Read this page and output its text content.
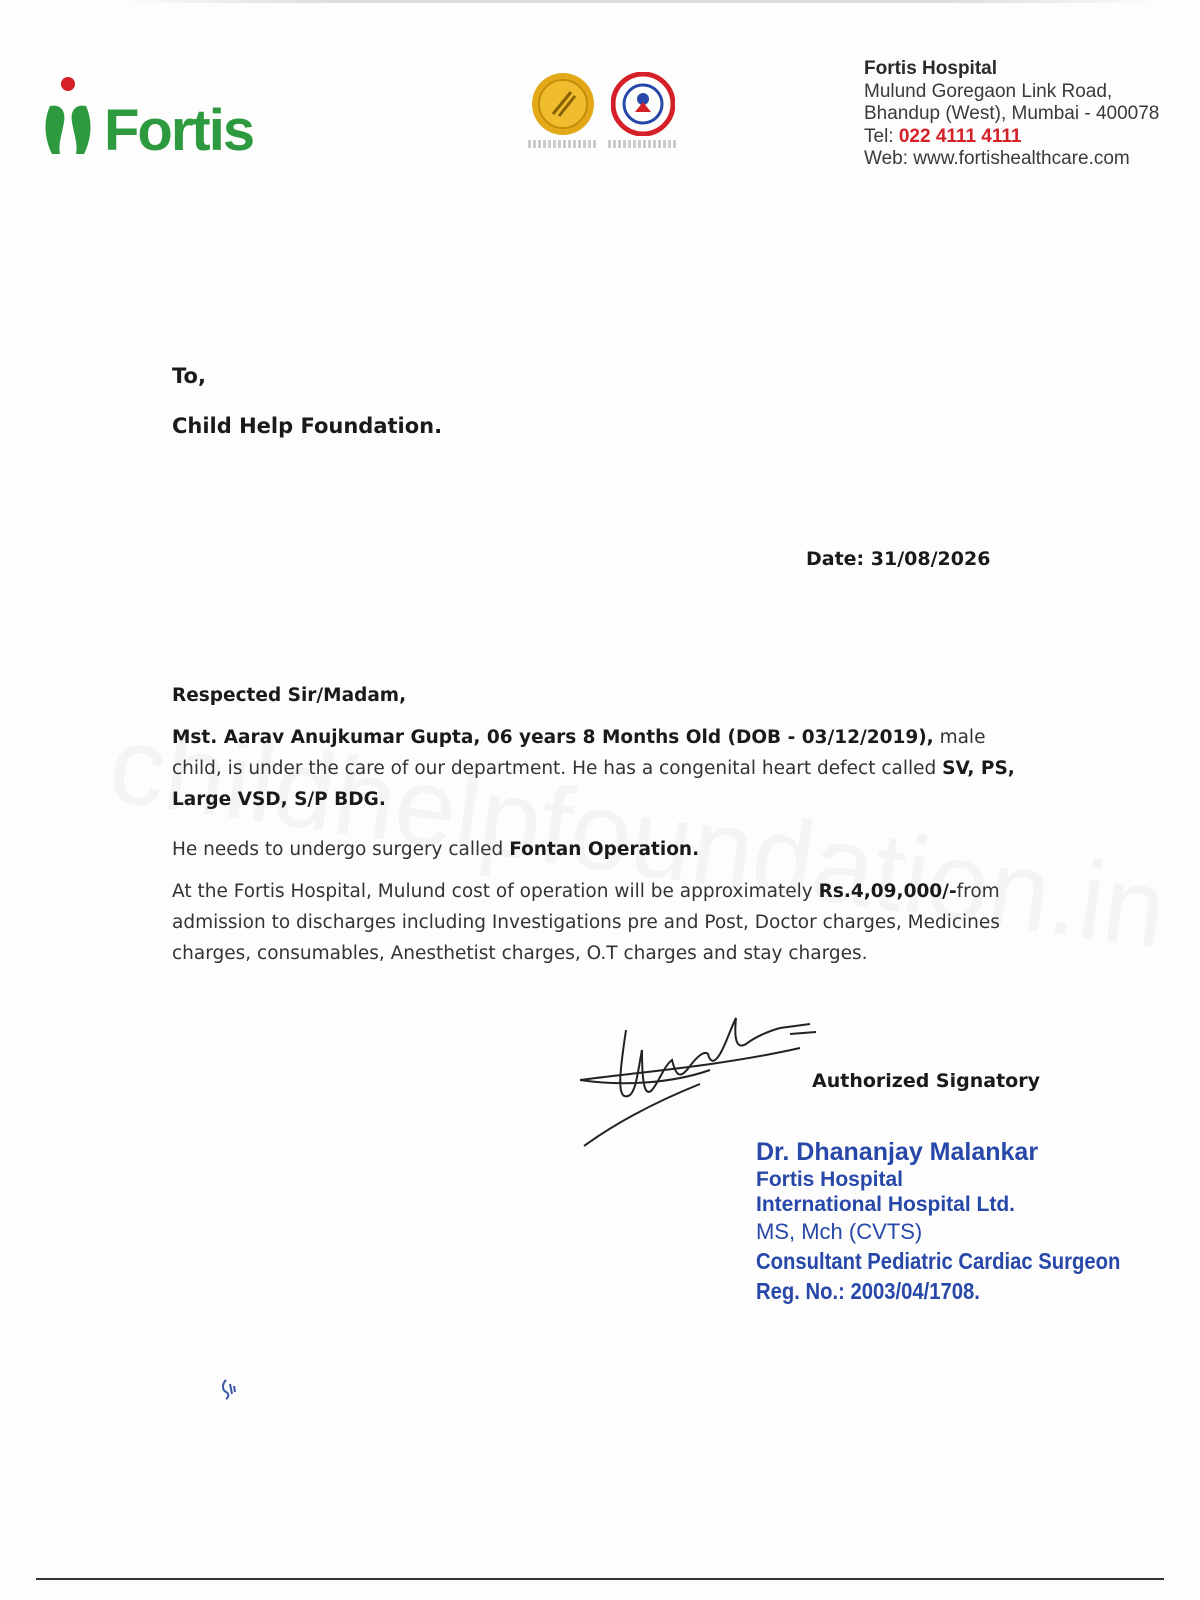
Fortis
Fortis Hospital
Mulund Goregaon Link Road,
Bhandup (West), Mumbai - 400078
Tel: 022 4111 4111
Web: www.fortishealthcare.com
To,
Child Help Foundation.
Date: 31/08/2026
Respected Sir/Madam,
Mst. Aarav Anujkumar Gupta, 06 years 8 Months Old (DOB - 03/12/2019), male child, is under the care of our department. He has a congenital heart defect called SV, PS, Large VSD, S/P BDG.
He needs to undergo surgery called Fontan Operation.
At the Fortis Hospital, Mulund cost of operation will be approximately Rs.4,09,000/-from admission to discharges including Investigations pre and Post, Doctor charges, Medicines charges, consumables, Anesthetist charges, O.T charges and stay charges.
Authorized Signatory
Dr. Dhananjay Malankar
Fortis Hospital
International Hospital Ltd.
MS, Mch (CVTS)
Consultant Pediatric Cardiac Surgeon
Reg. No.: 2003/04/1708.
